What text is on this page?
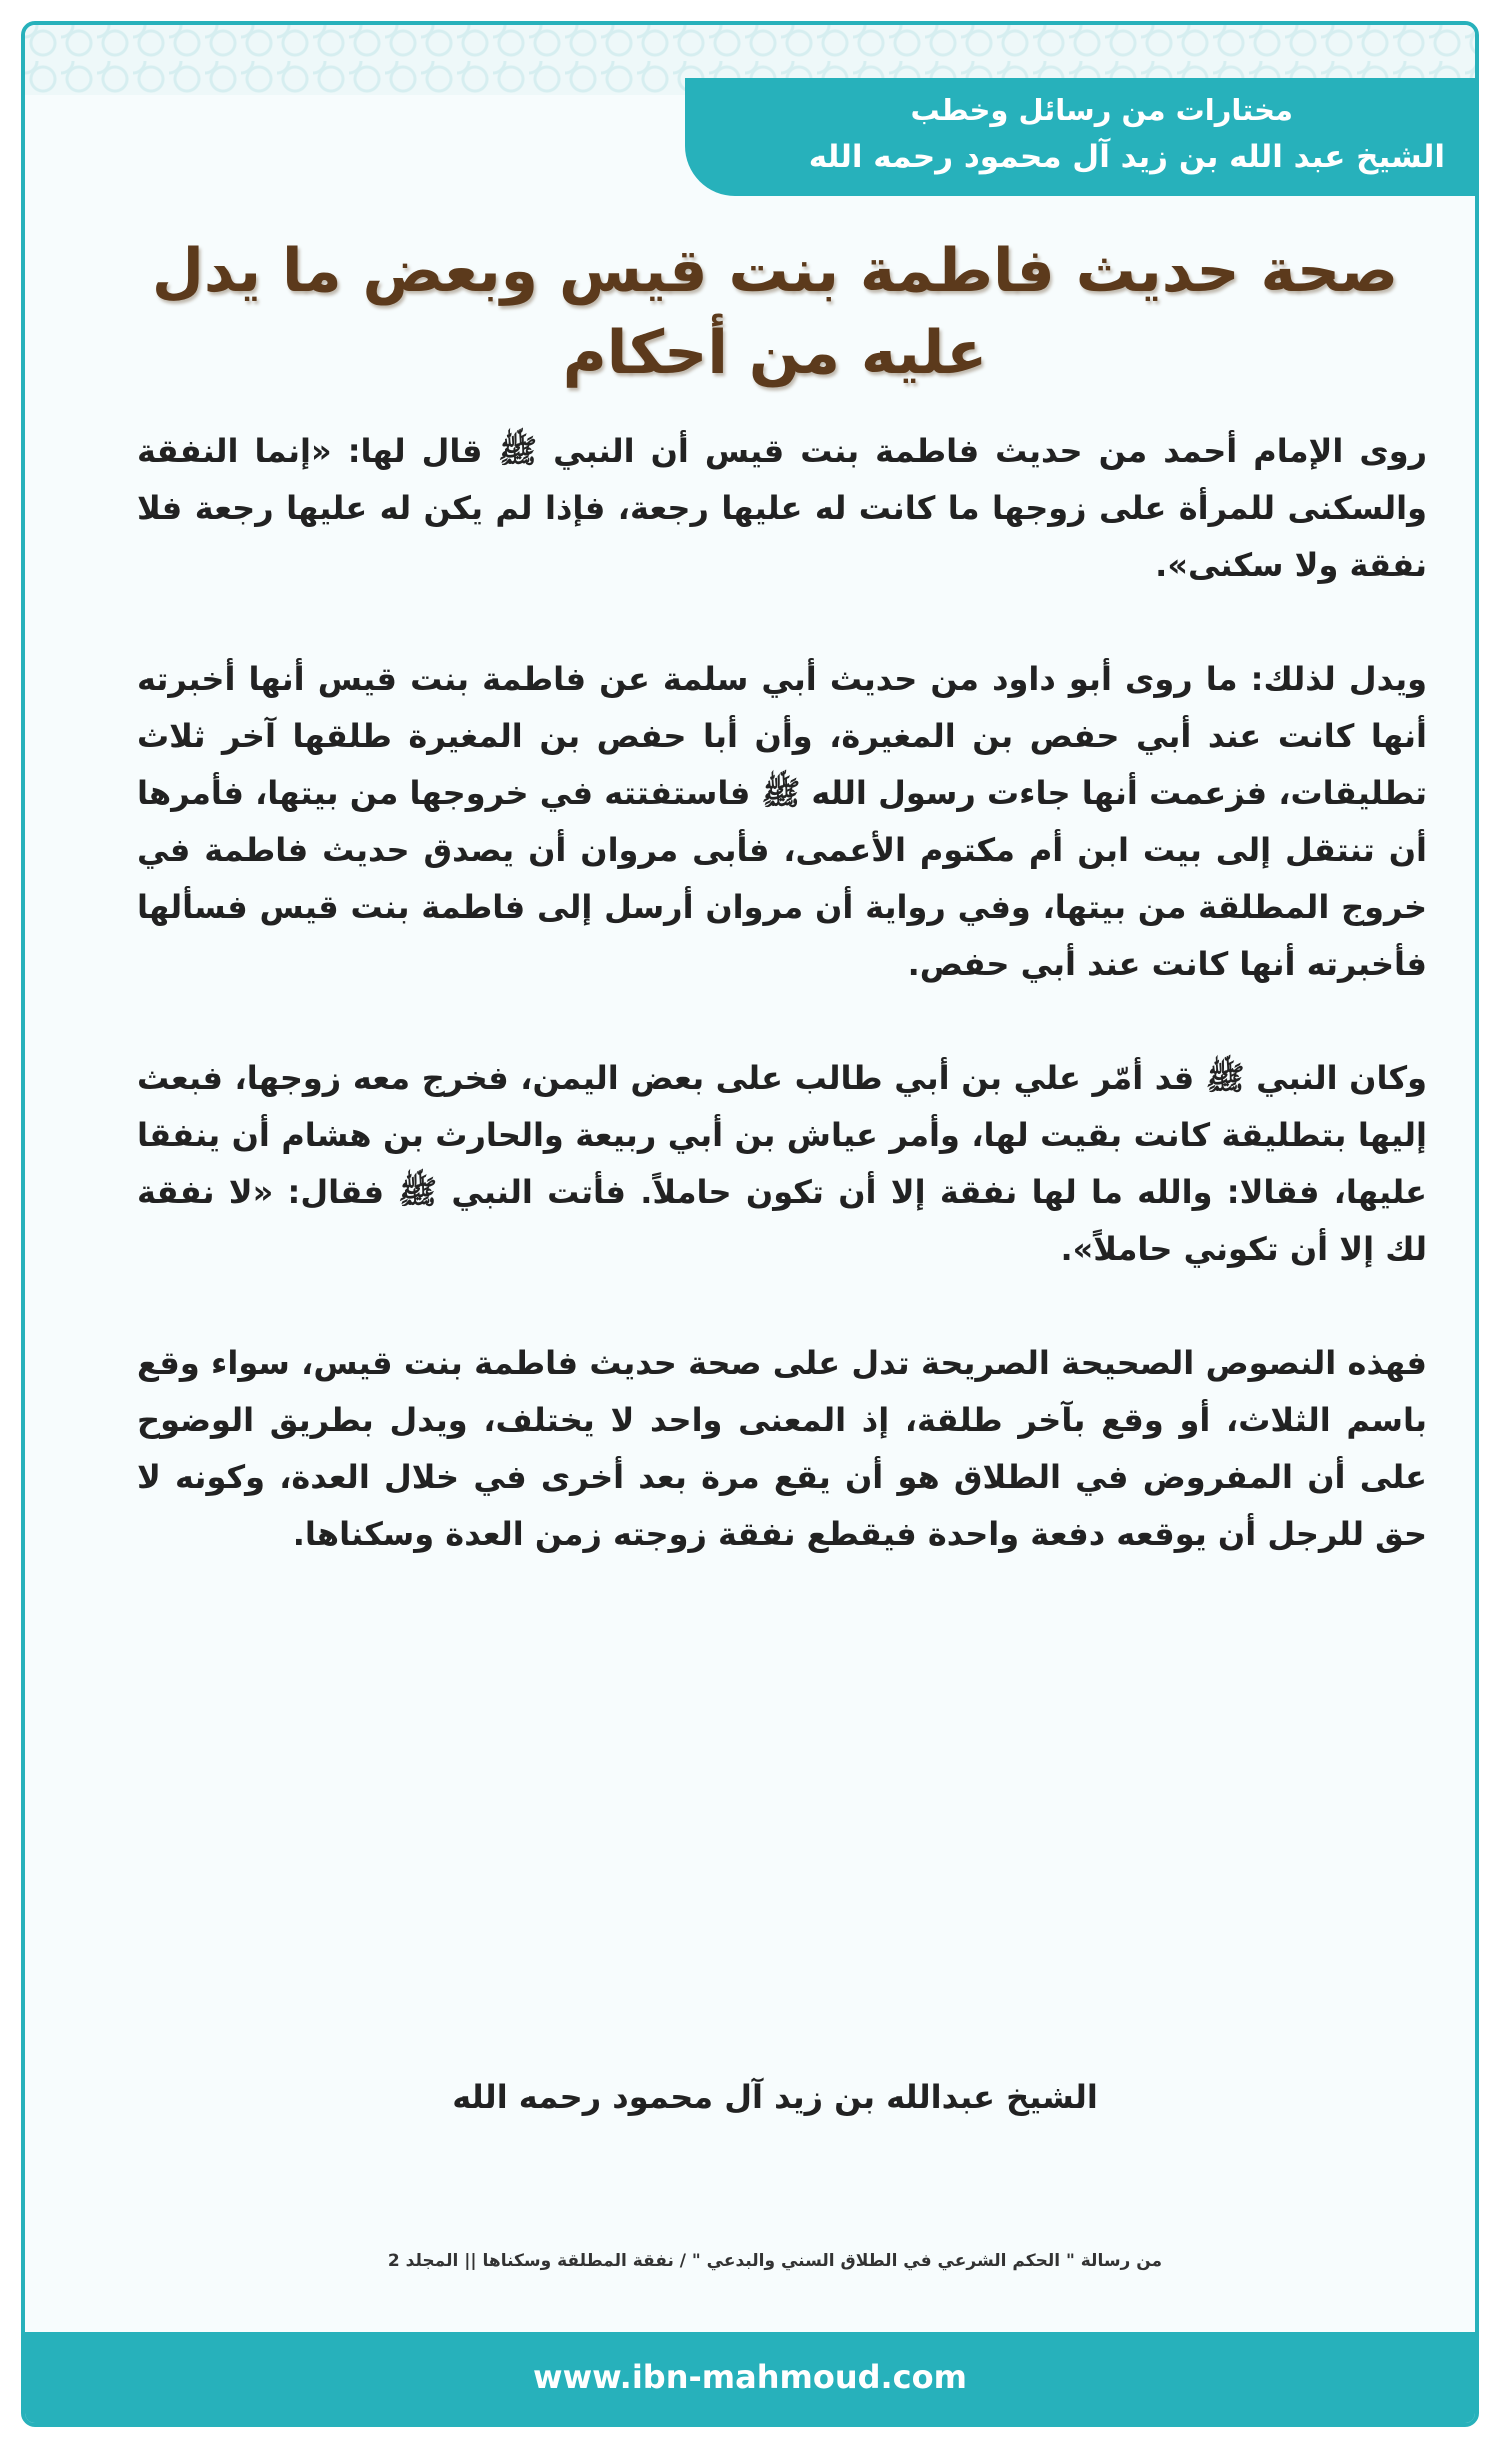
مختارات من رسائل وخطب
الشيخ عبد الله بن زيد آل محمود رحمه الله
صحة حديث فاطمة بنت قيس وبعض ما يدل
عليه من أحكام

روى الإمام أحمد من حديث فاطمة بنت قيس أن النبي ﷺ قال لها: «إنما النفقة والسكنى للمرأة على زوجها ما كانت له عليها رجعة، فإذا لم يكن له عليها رجعة فلا نفقة ولا سكنى».

ويدل لذلك: ما روى أبو داود من حديث أبي سلمة عن فاطمة بنت قيس أنها أخبرته أنها كانت عند أبي حفص بن المغيرة، وأن أبا حفص بن المغيرة طلقها آخر ثلاث تطليقات، فزعمت أنها جاءت رسول الله ﷺ فاستفتته في خروجها من بيتها، فأمرها أن تنتقل إلى بيت ابن أم مكتوم الأعمى، فأبى مروان أن يصدق حديث فاطمة في خروج المطلقة من بيتها، وفي رواية أن مروان أرسل إلى فاطمة بنت قيس فسألها فأخبرته أنها كانت عند أبي حفص.

وكان النبي ﷺ قد أمّر علي بن أبي طالب على بعض اليمن، فخرج معه زوجها، فبعث إليها بتطليقة كانت بقيت لها، وأمر عياش بن أبي ربيعة والحارث بن هشام أن ينفقا عليها، فقالا: والله ما لها نفقة إلا أن تكون حاملاً. فأتت النبي ﷺ فقال: «لا نفقة لك إلا أن تكوني حاملاً».

فهذه النصوص الصحيحة الصريحة تدل على صحة حديث فاطمة بنت قيس، سواء وقع باسم الثلاث، أو وقع بآخر طلقة، إذ المعنى واحد لا يختلف، ويدل بطريق الوضوح على أن المفروض في الطلاق هو أن يقع مرة بعد أخرى في خلال العدة، وكونه لا حق للرجل أن يوقعه دفعة واحدة فيقطع نفقة زوجته زمن العدة وسكناها.

الشيخ عبدالله بن زيد آل محمود رحمه الله
من رسالة " الحكم الشرعي في الطلاق السني والبدعي " / نفقة المطلقة وسكناها || المجلد 2
www.ibn-mahmoud.com
